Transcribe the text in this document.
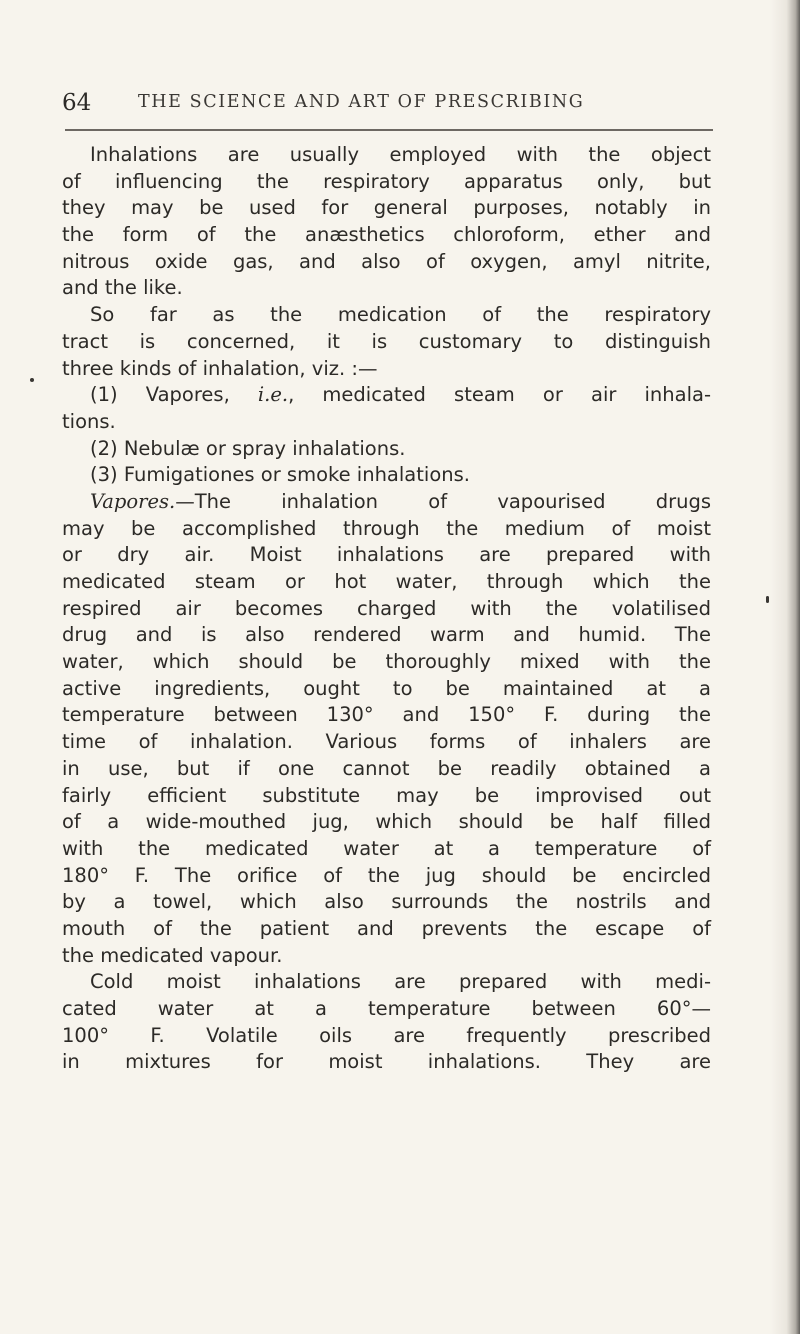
64	THE SCIENCE AND ART OF PRESCRIBING
Inhalations are usually employed with the object
of influencing the respiratory apparatus only, but
they may be used for general purposes, notably in
the form of the anæsthetics chloroform, ether and
nitrous oxide gas, and also of oxygen, amyl nitrite,
and the like.
So far as the medication of the respiratory
tract is concerned, it is customary to distinguish
three kinds of inhalation, viz. :—
(1) Vapores, i.e., medicated steam or air inhala-
tions.
(2) Nebulæ or spray inhalations.
(3) Fumigationes or smoke inhalations.
Vapores.—The inhalation of vapourised drugs
may be accomplished through the medium of moist
or dry air. Moist inhalations are prepared with
medicated steam or hot water, through which the
respired air becomes charged with the volatilised
drug and is also rendered warm and humid. The
water, which should be thoroughly mixed with the
active ingredients, ought to be maintained at a
temperature between 130° and 150° F. during the
time of inhalation. Various forms of inhalers are
in use, but if one cannot be readily obtained a
fairly efficient substitute may be improvised out
of a wide-mouthed jug, which should be half filled
with the medicated water at a temperature of
180° F. The orifice of the jug should be encircled
by a towel, which also surrounds the nostrils and
mouth of the patient and prevents the escape of
the medicated vapour.
Cold moist inhalations are prepared with medi-
cated water at a temperature between 60°—
100° F. Volatile oils are frequently prescribed
in mixtures for moist inhalations. They are
